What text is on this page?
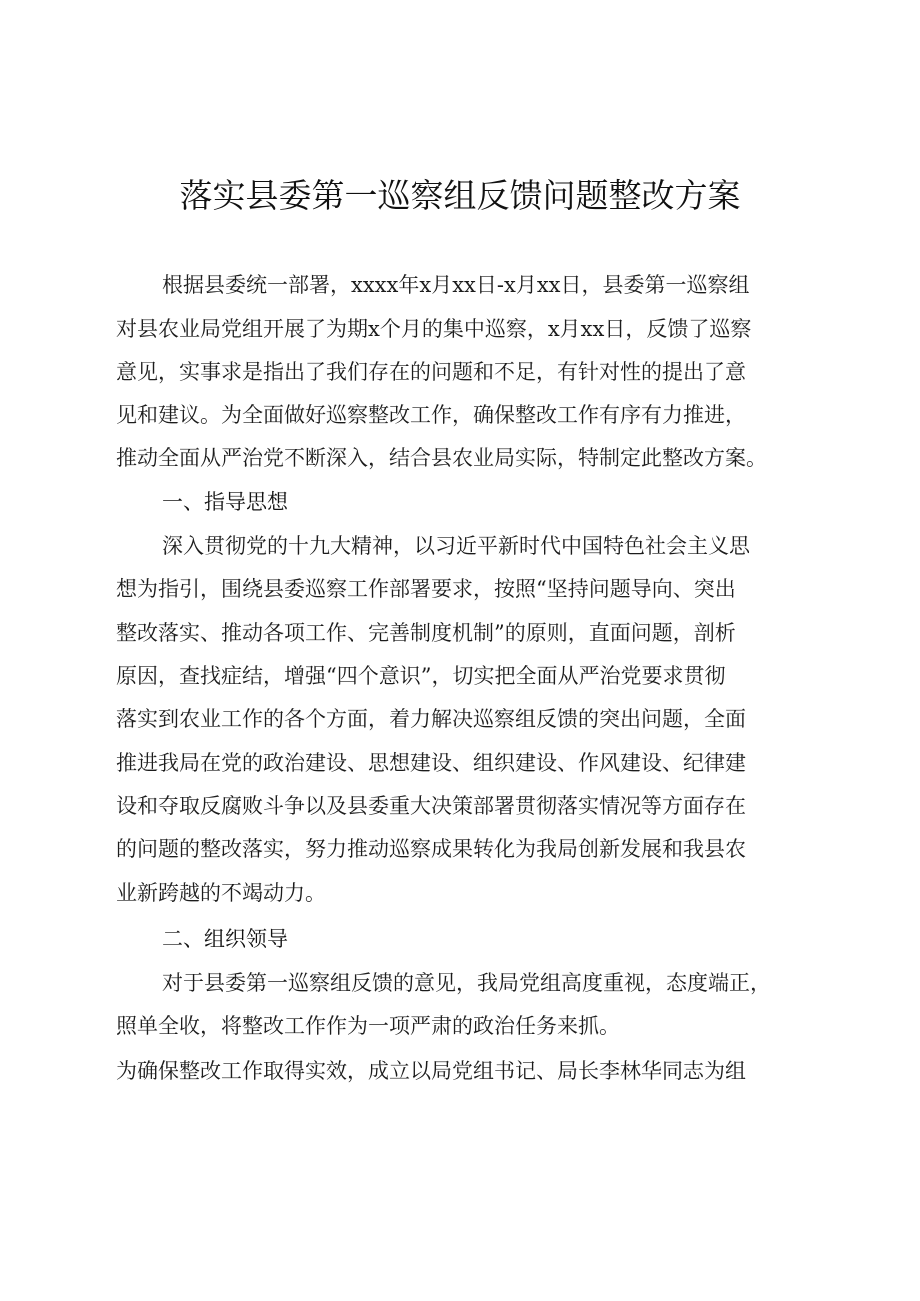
落实县委第一巡察组反馈问题整改方案
根据县委统一部署，xxxx年x月xx日-x月xx日，县委第一巡察组
对县农业局党组开展了为期x个月的集中巡察，x月xx日，反馈了巡察
意见，实事求是指出了我们存在的问题和不足，有针对性的提出了意
见和建议。为全面做好巡察整改工作，确保整改工作有序有力推进，
推动全面从严治党不断深入，结合县农业局实际，特制定此整改方案。
一、指导思想
深入贯彻党的十九大精神，以习近平新时代中国特色社会主义思
想为指引，围绕县委巡察工作部署要求，按照“坚持问题导向、突出
整改落实、推动各项工作、完善制度机制”的原则，直面问题，剖析
原因，查找症结，增强“四个意识”，切实把全面从严治党要求贯彻
落实到农业工作的各个方面，着力解决巡察组反馈的突出问题，全面
推进我局在党的政治建设、思想建设、组织建设、作风建设、纪律建
设和夺取反腐败斗争以及县委重大决策部署贯彻落实情况等方面存在
的问题的整改落实，努力推动巡察成果转化为我局创新发展和我县农
业新跨越的不竭动力。
二、组织领导
对于县委第一巡察组反馈的意见，我局党组高度重视，态度端正，
照单全收，将整改工作作为一项严肃的政治任务来抓。
为确保整改工作取得实效，成立以局党组书记、局长李林华同志为组
